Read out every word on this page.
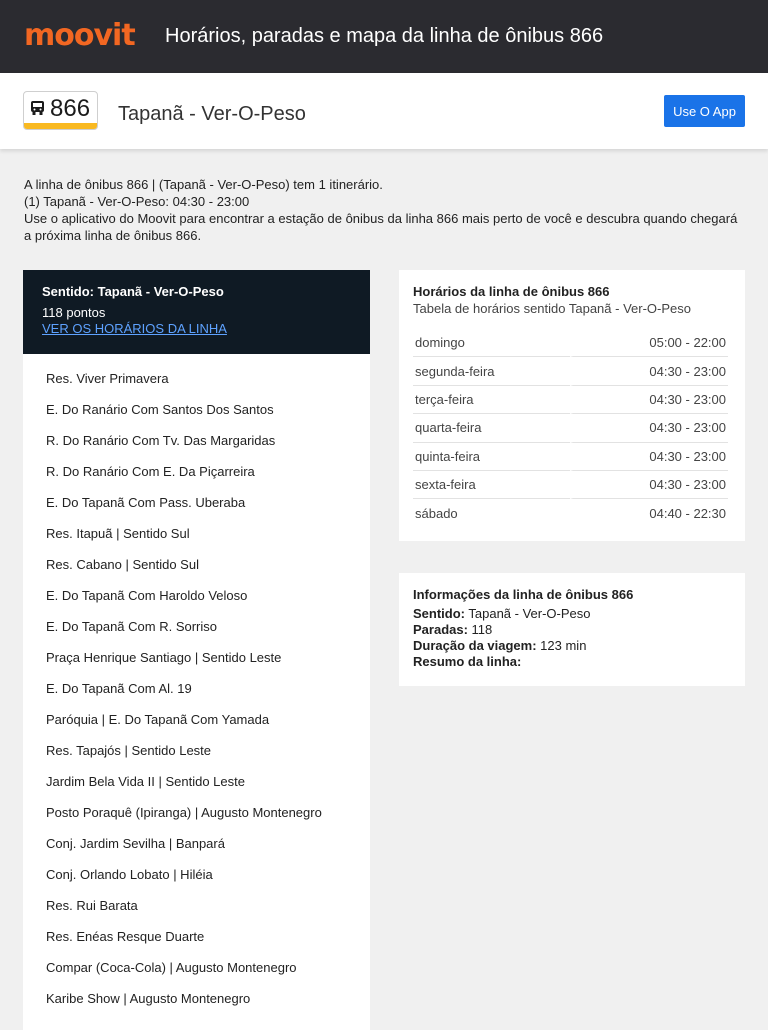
moovit Horários, paradas e mapa da linha de ônibus 866
866 Tapanã - Ver-O-Peso	Use O App

A linha de ônibus 866 | (Tapanã - Ver-O-Peso) tem 1 itinerário.

(1) Tapanã - Ver-O-Peso: 04:30 - 23:00

Use o aplicativo do Moovit para encontrar a estação de ônibus da linha 866 mais perto de você e descubra quando chegará a próxima linha de ônibus 866.

Sentido: Tapanã - Ver-O-Peso
118 pontos
VER OS HORÁRIOS DA LINHA
Res. Viver Primavera
E. Do Ranário Com Santos Dos Santos
R. Do Ranário Com Tv. Das Margaridas
R. Do Ranário Com E. Da Piçarreira
E. Do Tapanã Com Pass. Uberaba
Res. Itapuã | Sentido Sul
Res. Cabano | Sentido Sul
E. Do Tapanã Com Haroldo Veloso
E. Do Tapanã Com R. Sorriso
Praça Henrique Santiago | Sentido Leste
E. Do Tapanã Com Al. 19
Paróquia | E. Do Tapanã Com Yamada
Res. Tapajós | Sentido Leste
Jardim Bela Vida II | Sentido Leste
Posto Poraquê (Ipiranga) | Augusto Montenegro
Conj. Jardim Sevilha | Banpará
Conj. Orlando Lobato | Hiléia
Res. Rui Barata
Res. Enéas Resque Duarte
Compar (Coca-Cola) | Augusto Montenegro
Karibe Show | Augusto Montenegro
Horários da linha de ônibus 866
Tabela de horários sentido Tapanã - Ver-O-Peso
domingo	05:00 - 22:00
segunda-feira	04:30 - 23:00
terça-feira	04:30 - 23:00
quarta-feira	04:30 - 23:00
quinta-feira	04:30 - 23:00
sexta-feira	04:30 - 23:00
sábado	04:40 - 22:30
Informações da linha de ônibus 866
Sentido: Tapanã - Ver-O-Peso
Paradas: 118
Duração da viagem: 123 min
Resumo da linha:
